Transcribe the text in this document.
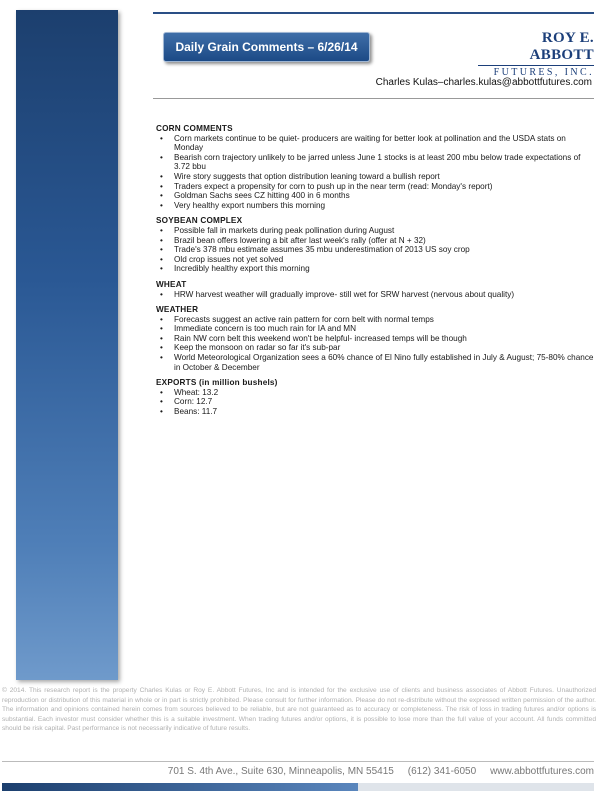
Daily Grain Comments – 6/26/14
ROY E. ABBOTT
FUTURES, INC.
Charles Kulas–charles.kulas@abbottfutures.com
CORN COMMENTS
• Corn markets continue to be quiet- producers are waiting for better look at pollination and the USDA stats on Monday
• Bearish corn trajectory unlikely to be jarred unless June 1 stocks is at least 200 mbu below trade expectations of 3.72 bbu
• Wire story suggests that option distribution leaning toward a bullish report
• Traders expect a propensity for corn to push up in the near term (read: Monday's report)
• Goldman Sachs sees CZ hitting 400 in 6 months
• Very healthy export numbers this morning
SOYBEAN COMPLEX
• Possible fall in markets during peak pollination during August
• Brazil bean offers lowering a bit after last week's rally (offer at N + 32)
• Trade's 378 mbu estimate assumes 35 mbu underestimation of 2013 US soy crop
• Old crop issues not yet solved
• Incredibly healthy export this morning
WHEAT
• HRW harvest weather will gradually improve- still wet for SRW harvest (nervous about quality)
WEATHER
• Forecasts suggest an active rain pattern for corn belt with normal temps
• Immediate concern is too much rain for IA and MN
• Rain NW corn belt this weekend won't be helpful- increased temps will be though
• Keep the monsoon on radar so far it's sub-par
• World Meteorological Organization sees a 60% chance of El Nino fully established in July & August; 75-80% chance in October & December
EXPORTS (in million bushels)
• Wheat: 13.2
• Corn: 12.7
• Beans: 11.7
© 2014. This research report is the property Charles Kulas or Roy E. Abbott Futures, Inc and is intended for the exclusive use of clients and business associates of Abbott Futures. Unauthorized reproduction or distribution of this material in whole or in part is strictly prohibited. Please consult for further information. Please do not re-distribute without the expressed written permission of the author. The information and opinions contained herein comes from sources believed to be reliable, but are not guaranteed as to accuracy or completeness. The risk of loss in trading futures and/or options is substantial. Each investor must consider whether this is a suitable investment. When trading futures and/or options, it is possible to lose more than the full value of your account. All funds committed should be risk capital. Past performance is not necessarily indicative of future results.
701 S. 4th Ave., Suite 630, Minneapolis, MN 55415 (612) 341-6050 www.abbottfutures.com
